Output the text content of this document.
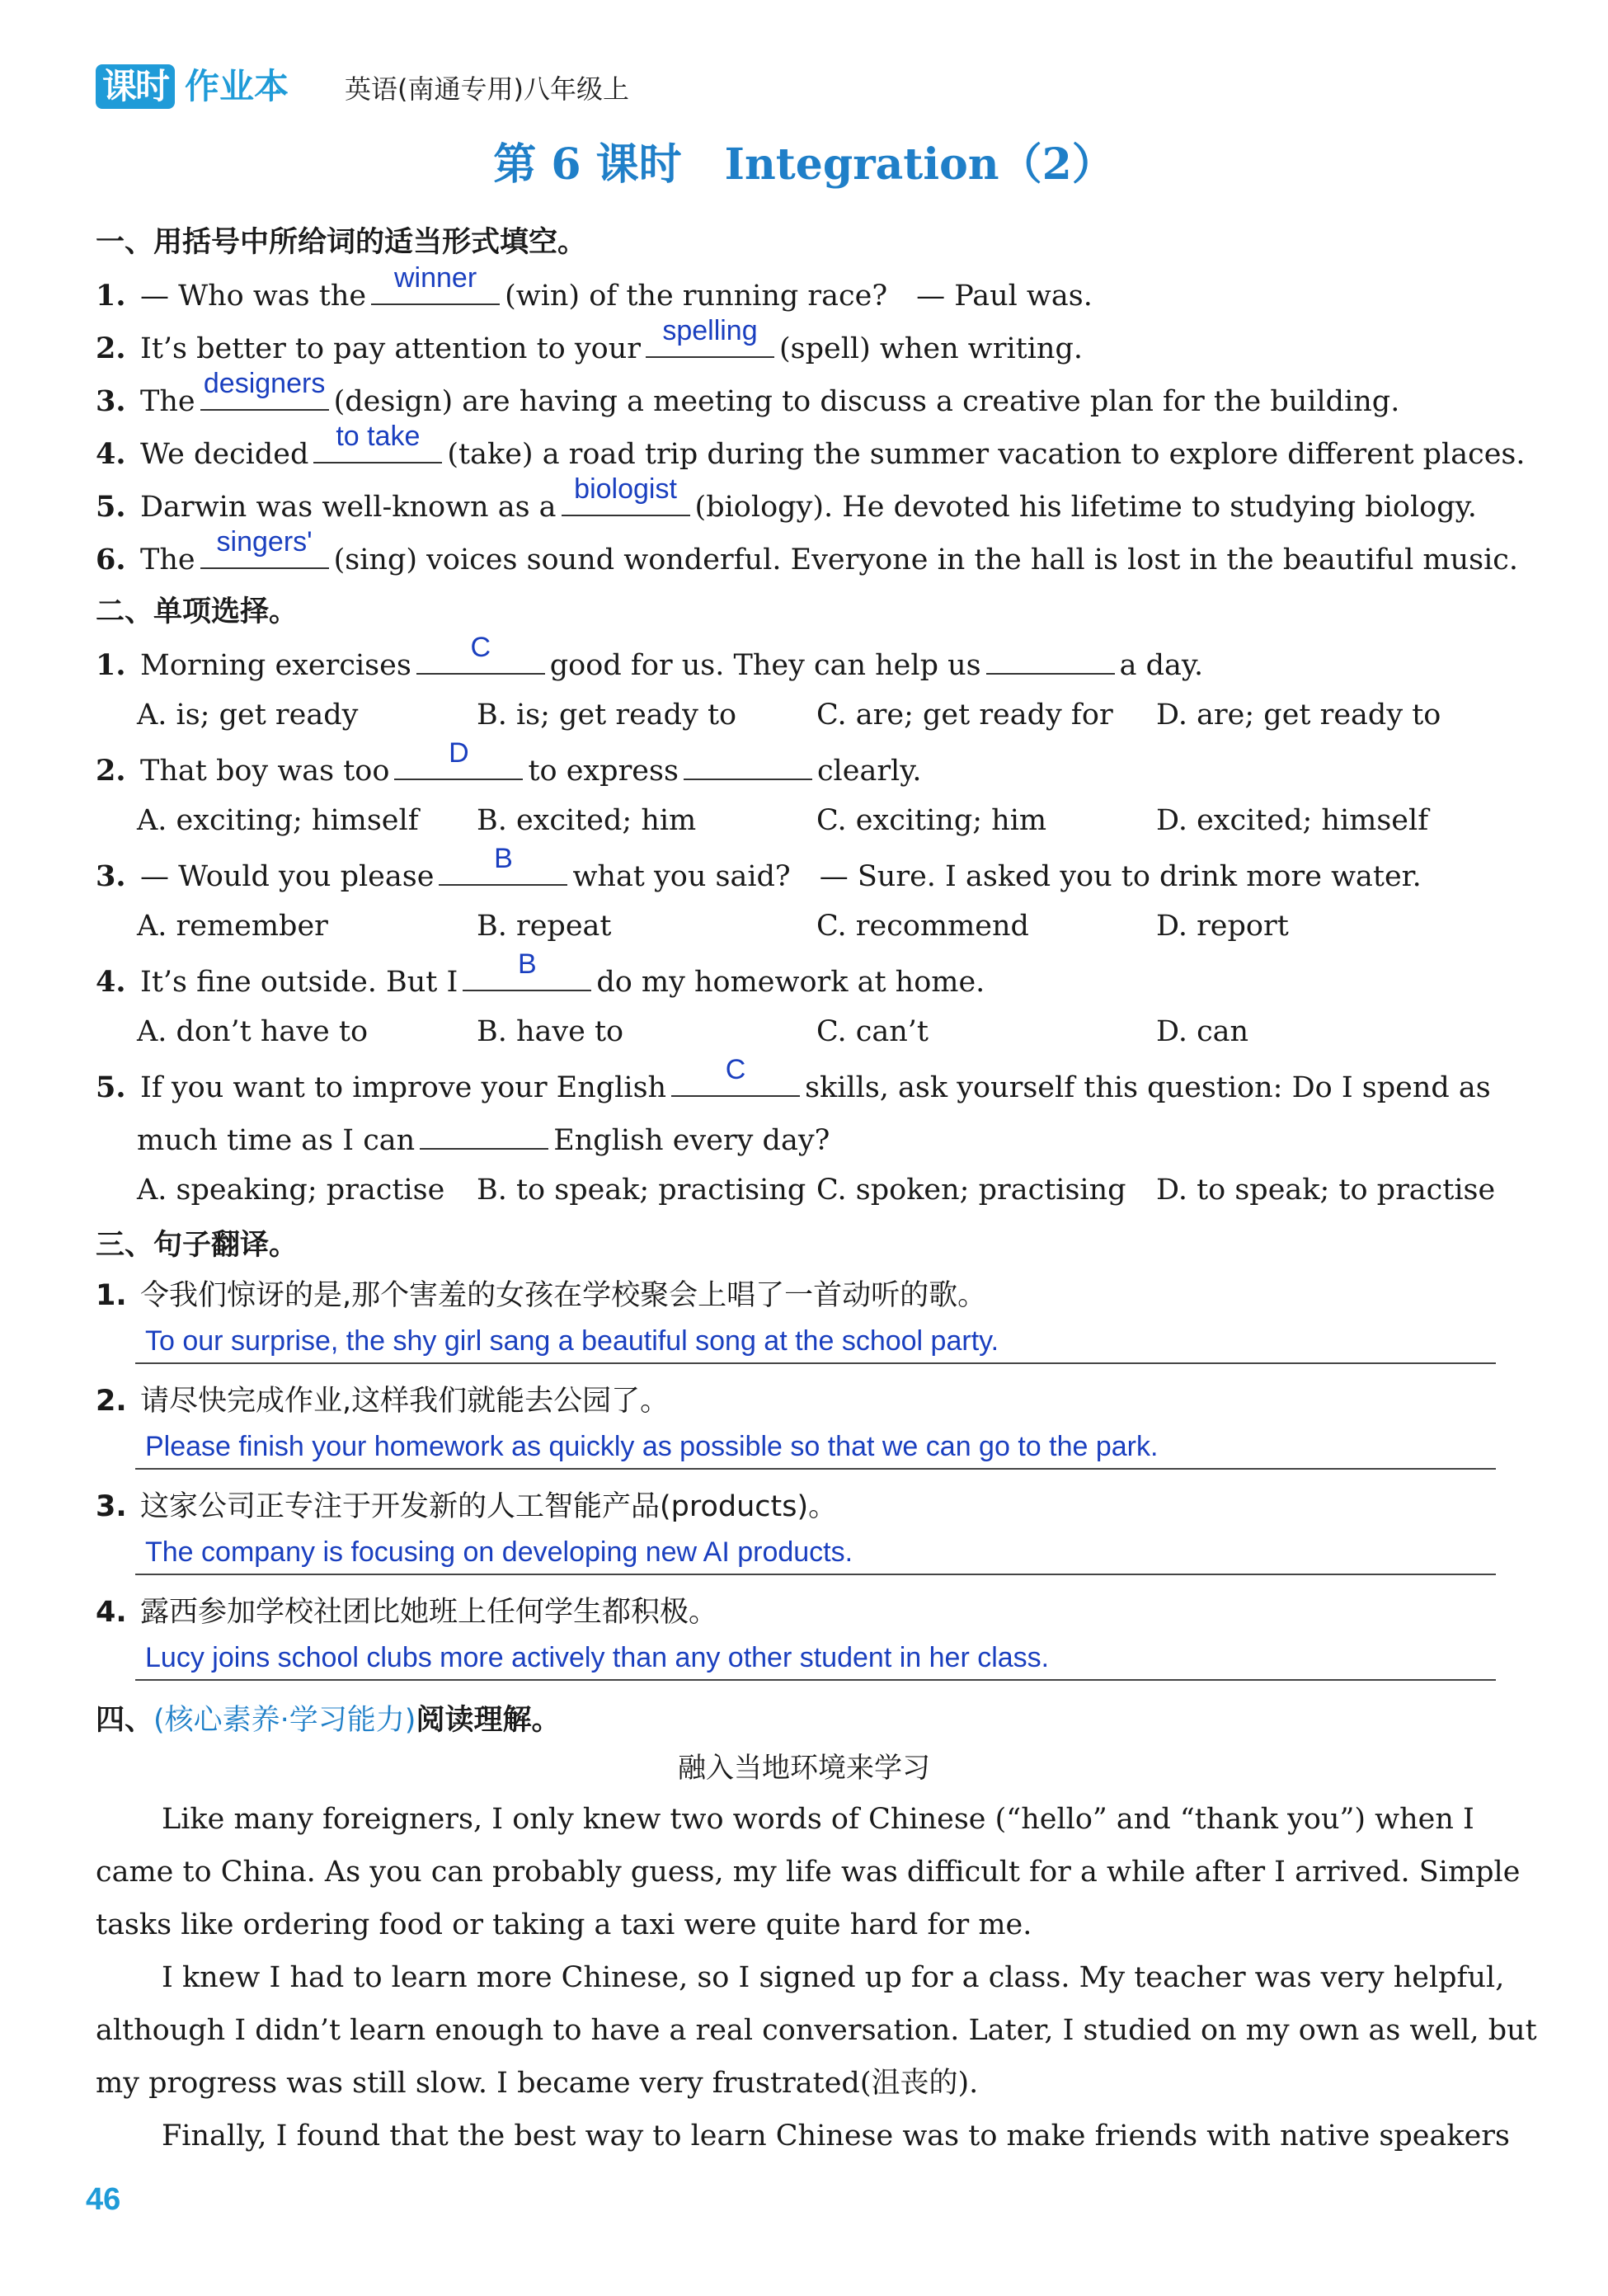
课时 作业本 英语(南通专用)八年级上
第 6 课时　Integration（2）
一、用括号中所给词的适当形式填空。
1. — Who was the
winner
(win) of the running race?　— Paul was.
2. It’s better to pay attention to your
spelling
(spell) when writing.
3. The
designers
(design) are having a meeting to discuss a creative plan for the building.
4. We decided
to take
(take) a road trip during the summer vacation to explore different places.
5. Darwin was well-known as a
biologist
(biology). He devoted his lifetime to studying biology.
6. The
singers'
(sing) voices sound wonderful. Everyone in the hall is lost in the beautiful music.
二、单项选择。
1. Morning exercises
C
good for us. They can help us	a day.
A. is; get ready	B. is; get ready to	C. are; get ready for D. are; get ready to
2. That boy was too
D
to express	clearly.
A. exciting; himself B. excited; him	C. exciting; him	D. excited; himself
3. — Would you please
B
what you said?　— Sure. I asked you to drink more water.
A. remember	B. repeat	C. recommend	D. report
4. It’s fine outside. But I
B
do my homework at home.
A. don’t have to	B. have to	C. can’t	D. can
5. If you want to improve your English
C
skills, ask yourself this question: Do I spend as
much time as I can	English every day?
A. speaking; practise B. to speak; practising C. spoken; practising D. to speak; to practise
三、句子翻译。
1. 令我们惊讶的是,那个害羞的女孩在学校聚会上唱了一首动听的歌。
To our surprise, the shy girl sang a beautiful song at the school party.
2. 请尽快完成作业,这样我们就能去公园了。
Please finish your homework as quickly as possible so that we can go to the park.
3. 这家公司正专注于开发新的人工智能产品(products)。
The company is focusing on developing new AI products.
4. 露西参加学校社团比她班上任何学生都积极。
Lucy joins school clubs more actively than any other student in her class.
四、(核心素养·学习能力)阅读理解。
融入当地环境来学习
Like many foreigners, I only knew two words of Chinese (“hello” and “thank you”) when I
came to China. As you can probably guess, my life was difficult for a while after I arrived. Simple
tasks like ordering food or taking a taxi were quite hard for me.
I knew I had to learn more Chinese, so I signed up for a class. My teacher was very helpful,
although I didn’t learn enough to have a real conversation. Later, I studied on my own as well, but
my progress was still slow. I became very frustrated(沮丧的).
Finally, I found that the best way to learn Chinese was to make friends with native speakers
46
